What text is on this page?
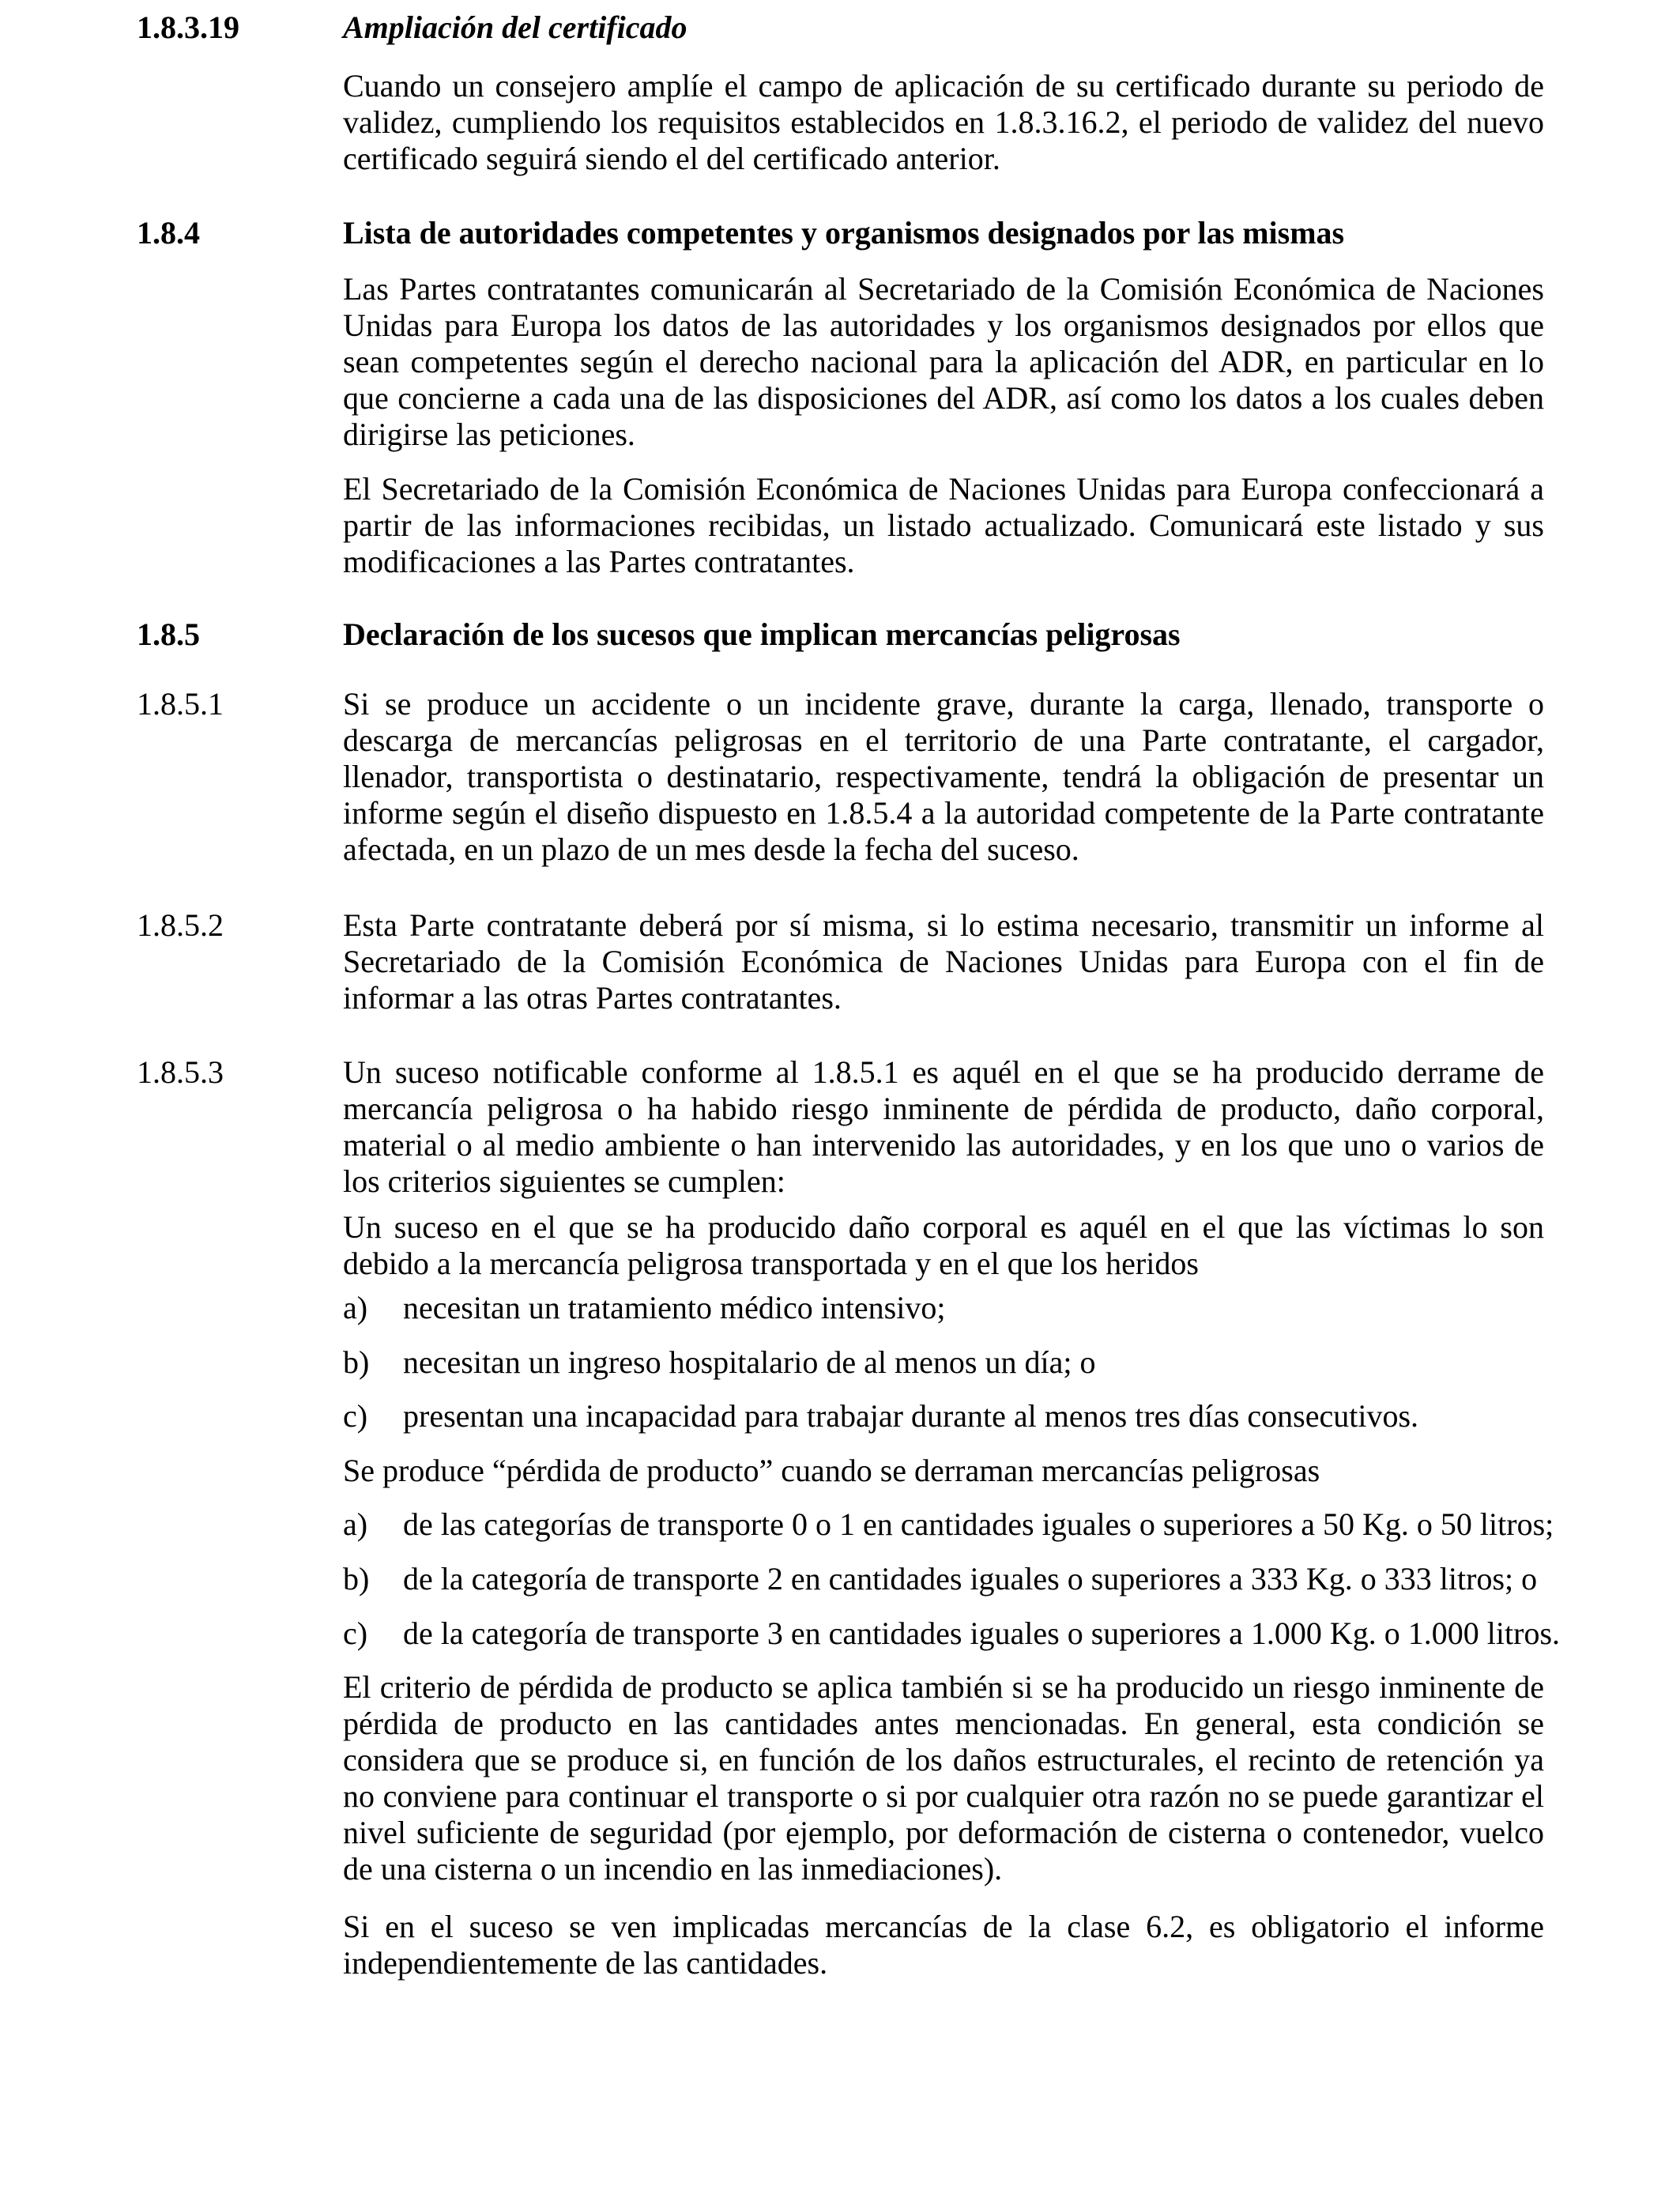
1.8.3.19	Ampliación del certificado

Cuando un consejero amplíe el campo de aplicación de su certificado durante su periodo de validez, cumpliendo los requisitos establecidos en 1.8.3.16.2, el periodo de validez del nuevo certificado seguirá siendo el del certificado anterior.

1.8.4	Lista de autoridades competentes y organismos designados por las mismas

Las Partes contratantes comunicarán al Secretariado de la Comisión Económica de Naciones Unidas para Europa los datos de las autoridades y los organismos designados por ellos que sean competentes según el derecho nacional para la aplicación del ADR, en particular en lo que concierne a cada una de las disposiciones del ADR, así como los datos a los cuales deben dirigirse las peticiones.

El Secretariado de la Comisión Económica de Naciones Unidas para Europa confeccionará a partir de las informaciones recibidas, un listado actualizado. Comunicará este listado y sus modificaciones a las Partes contratantes.

1.8.5	Declaración de los sucesos que implican mercancías peligrosas
1.8.5.1	Si se produce un accidente o un incidente grave, durante la carga, llenado, transporte o descarga de mercancías peligrosas en el territorio de una Parte contratante, el cargador, llenador, transportista o destinatario, respectivamente, tendrá la obligación de presentar un informe según el diseño dispuesto en 1.8.5.4 a la autoridad competente de la Parte contratante afectada, en un plazo de un mes desde la fecha del suceso.

1.8.5.2	Esta Parte contratante deberá por sí misma, si lo estima necesario, transmitir un informe al Secretariado de la Comisión Económica de Naciones Unidas para Europa con el fin de informar a las otras Partes contratantes.

1.8.5.3	Un suceso notificable conforme al 1.8.5.1 es aquél en el que se ha producido derrame de mercancía peligrosa o ha habido riesgo inminente de pérdida de producto, daño corporal, material o al medio ambiente o han intervenido las autoridades, y en los que uno o varios de los criterios siguientes se cumplen:

Un suceso en el que se ha producido daño corporal es aquél en el que las víctimas lo son debido a la mercancía peligrosa transportada y en el que los heridos

a) necesitan un tratamiento médico intensivo;
b) necesitan un ingreso hospitalario de al menos un día; o
c) presentan una incapacidad para trabajar durante al menos tres días consecutivos.

Se produce “pérdida de producto” cuando se derraman mercancías peligrosas

a) de las categorías de transporte 0 o 1 en cantidades iguales o superiores a 50 Kg. o 50 litros;
b) de la categoría de transporte 2 en cantidades iguales o superiores a 333 Kg. o 333 litros; o
c) de la categoría de transporte 3 en cantidades iguales o superiores a 1.000 Kg. o 1.000 litros.

El criterio de pérdida de producto se aplica también si se ha producido un riesgo inminente de pérdida de producto en las cantidades antes mencionadas. En general, esta condición se considera que se produce si, en función de los daños estructurales, el recinto de retención ya no conviene para continuar el transporte o si por cualquier otra razón no se puede garantizar el nivel suficiente de seguridad (por ejemplo, por deformación de cisterna o contenedor, vuelco de una cisterna o un incendio en las inmediaciones).

Si en el suceso se ven implicadas mercancías de la clase 6.2, es obligatorio el informe independientemente de las cantidades.
